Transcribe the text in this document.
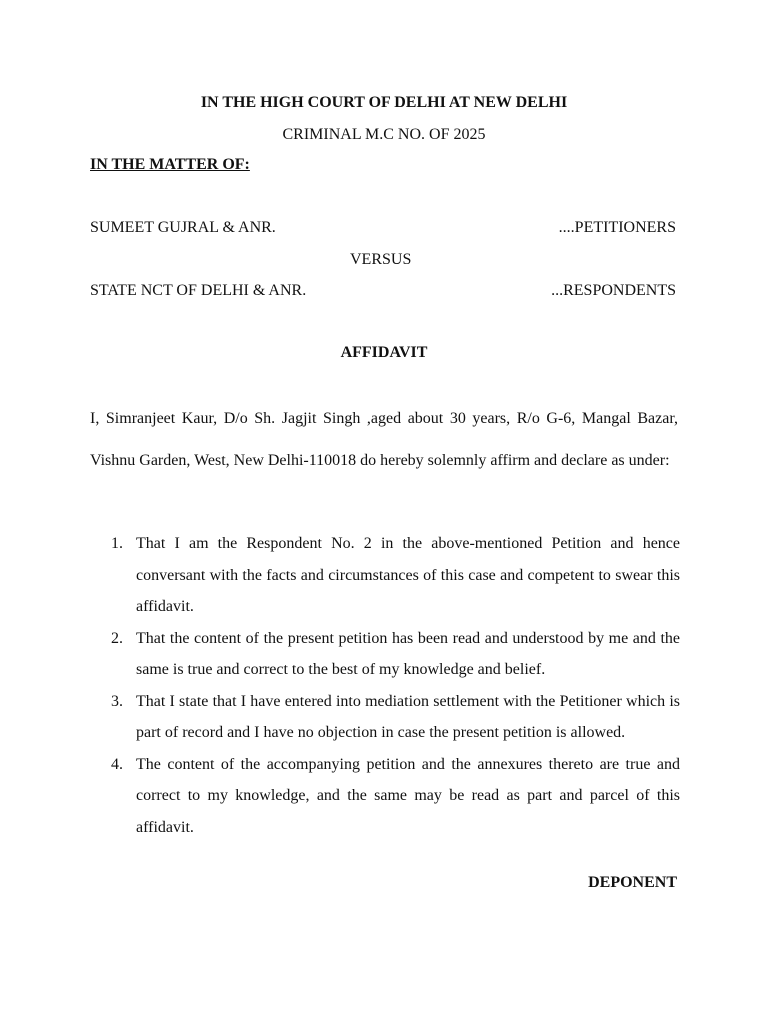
IN THE HIGH COURT OF DELHI AT NEW DELHI
CRIMINAL M.C NO. OF 2025
IN THE MATTER OF:
SUMEET GUJRAL & ANR.	....PETITIONERS
VERSUS
STATE NCT OF DELHI & ANR.	...RESPONDENTS
AFFIDAVIT
I, Simranjeet Kaur, D/o Sh. Jagjit Singh ,aged about 30 years, R/o G-6, Mangal Bazar, Vishnu Garden, West, New Delhi-110018 do hereby solemnly affirm and declare as under:
1. That I am the Respondent No. 2 in the above-mentioned Petition and hence conversant with the facts and circumstances of this case and competent to swear this affidavit.
2. That the content of the present petition has been read and understood by me and the same is true and correct to the best of my knowledge and belief.
3. That I state that I have entered into mediation settlement with the Petitioner which is part of record and I have no objection in case the present petition is allowed.
4. The content of the accompanying petition and the annexures thereto are true and correct to my knowledge, and the same may be read as part and parcel of this affidavit.
DEPONENT
